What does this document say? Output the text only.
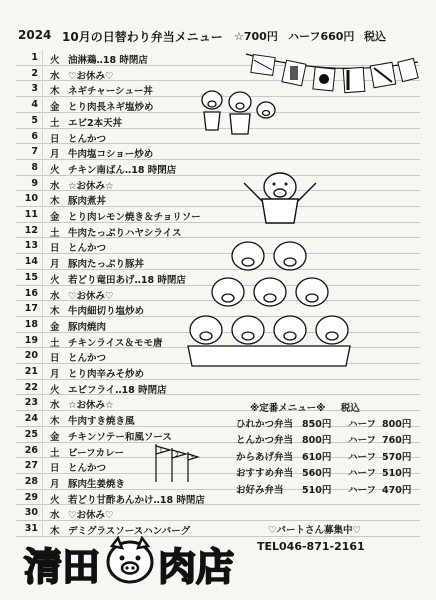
2024 10月の日替わり弁当メニュー ☆700円 ハーフ660円 税込
1 火 油淋鶏‥18 時閉店
2 水 ♡お休み♡
3 木 ネギチャーシュー丼
4 金 とり肉長ネギ塩炒め
5 土 エビ2本天丼
6 日 とんかつ
7 月 牛肉塩コショー炒め
8 火 チキン南ばん‥18 時閉店
9 水 ☆お休み☆
10 木 豚肉煮丼
11 金 とり肉レモン焼き＆チョリソー
12 土 牛肉たっぷりハヤシライス
13 日 とんかつ
14 月 豚肉たっぷり豚丼
15 火 若どり竜田あげ‥18 時閉店
16 水 ♡お休み♡
17 木 牛肉細切り塩炒め
18 金 豚肉焼肉
19 土 チキンライス＆モモ唐
20 日 とんかつ
21 月 とり肉辛みそ炒め
22 火 エビフライ‥18 時閉店
23 水 ☆お休み☆
24 木 牛肉すき焼き風
25 金 チキンソテー和風ソース
26 土 ビーフカレー
27 日 とんかつ
28 月 豚肉生姜焼き
29 火 若どり甘酢あんかけ‥18 時閉店
30 水 ♡お休み♡
31 木 デミグラスソースハンバーグ
※定番メニュー※ 税込
ひれかつ弁当 850円 ハーフ 800円
とんかつ弁当 800円 ハーフ 760円
からあげ弁当 610円 ハーフ 570円
おすすめ弁当 560円 ハーフ 510円
お好み弁当 510円 ハーフ 470円
♡パートさん募集中♡
TEL046-871-2161
清田 肉店
1
2 3
